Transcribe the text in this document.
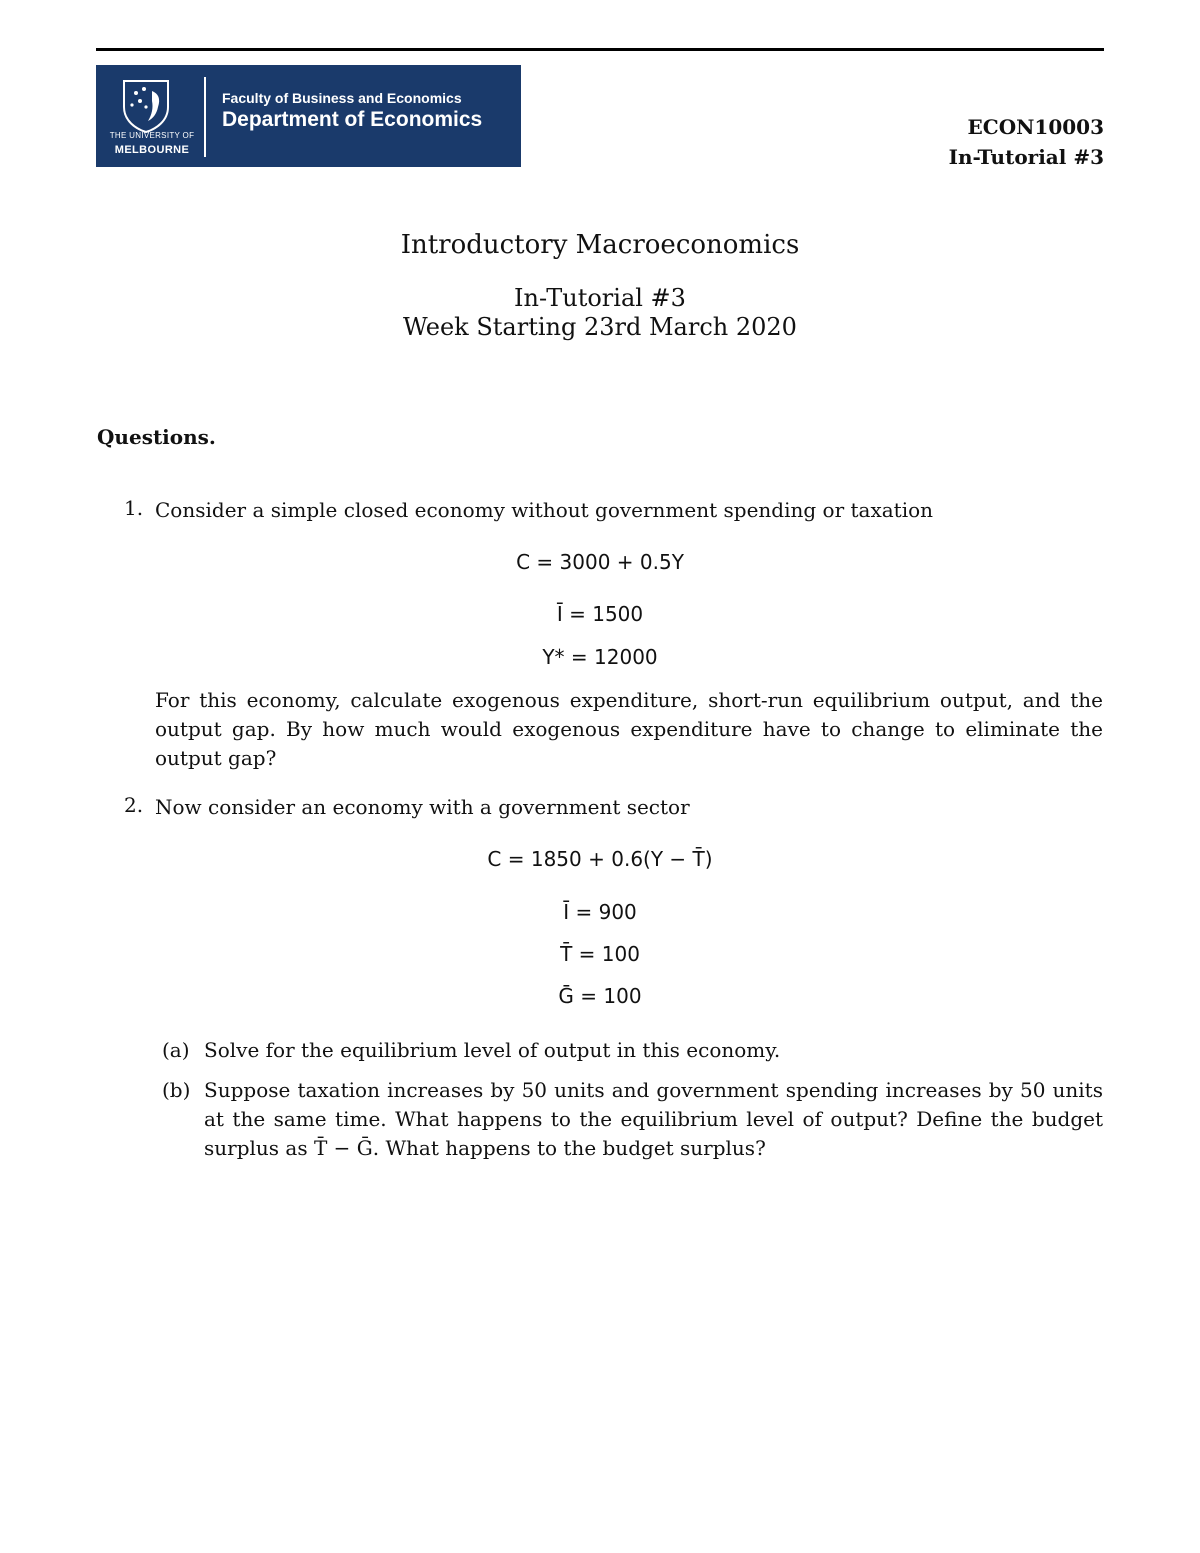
THE UNIVERSITY OF
MELBOURNE
Faculty of Business and Economics
Department of Economics	ECON10003
In-Tutorial #3
Introductory Macroeconomics
In-Tutorial #3
Week Starting 23rd March 2020
Questions.
1. Consider a simple closed economy without government spending or taxation
C = 3000 + 0.5Y
Ī = 1500
Y* = 12000
For this economy, calculate exogenous expenditure, short-run equilibrium output, and the output gap. By how much would exogenous expenditure have to change to eliminate the output gap?
2. Now consider an economy with a government sector
C = 1850 + 0.6(Y − T̄)
Ī = 900
T̄ = 100
Ḡ = 100
(a) Solve for the equilibrium level of output in this economy.
(b) Suppose taxation increases by 50 units and government spending increases by 50 units at the same time. What happens to the equilibrium level of output? Define the budget surplus as T̄ − Ḡ. What happens to the budget surplus?
